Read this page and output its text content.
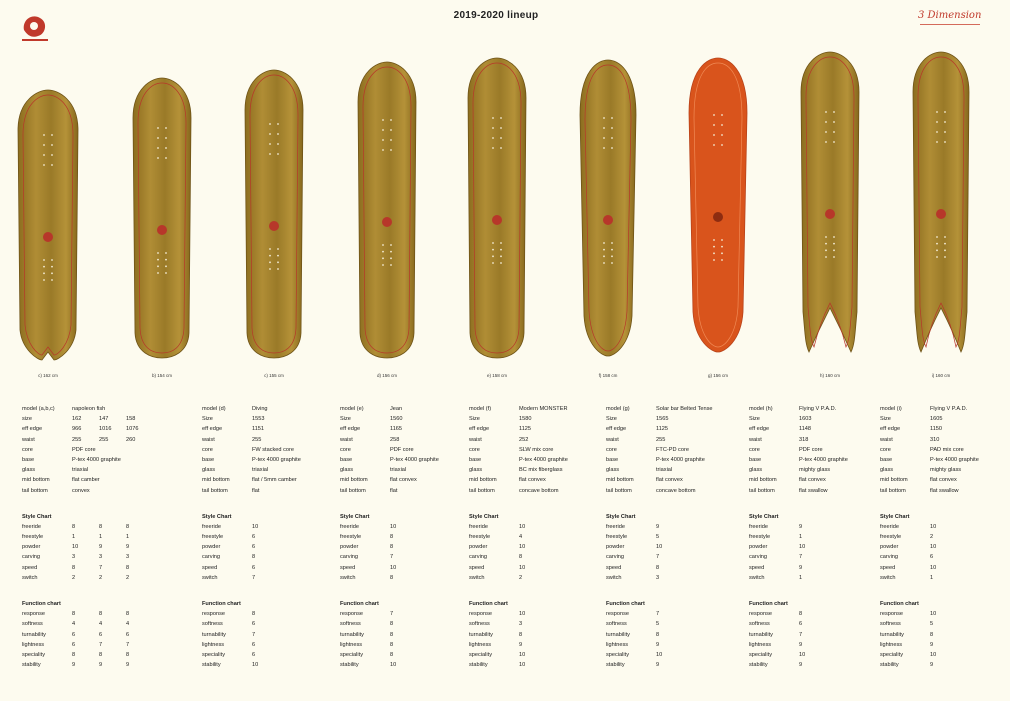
2019-2020 lineup	3 Dimension
c) 162 cm	b) 154 cm	c) 155 cm	d) 156 cm	e) 158 cm	f) 158 cm	g) 156 cm	h) 160 cm	i) 160 cm
model (a,b,c)	napoleon fish
size	162	147	158
eff edge	966	1016	1076
waist	255	255	260
core	PDF core
base	P-tex 4000 graphite
glass	triaxial
mid bottom	flat camber
tail bottom	convex
Style Chart
freeride	8	8	8
freestyle	1	1	1
powder	10	9	9
carving	3	3	3
speed	8	7	8
switch	2	2	2
Function chart
response	8	8	8
softness	4	4	4
turnability	6	6	6
lightness	6	7	7
speciality	8	8	8
stability	9	9	9
model (d)	Diving
Size	1553
eff edge	1151
waist	255
core	FW stacked core
base	P-tex 4000 graphite
glass	triaxial
mid bottom	flat / 5mm camber
tail bottom	flat
Style Chart
freeride	10
freestyle	6
powder	6
carving	8
speed	6
switch	7
Function chart
response	8
softness	6
turnability	7
lightness	6
speciality	6
stability	10
model (e)	Jean
Size	1560
eff edge	1165
waist	258
core	PDF core
base	P-tex 4000 graphite
glass	triaxial
mid bottom	flat convex
tail bottom	flat
Style Chart
freeride	10
freestyle	8
powder	8
carving	7
speed	10
switch	8
Function chart
response	7
softness	8
turnability	8
lightness	8
speciality	8
stability	10
model (f)	Modern MONSTER
Size	1580
eff edge	1125
waist	252
core	SLW mix core
base	P-tex 4000 graphite
glass	BC mix fiberglass
mid bottom	flat convex
tail bottom	concave bottom
Style Chart
freeride	10
freestyle	4
powder	10
carving	8
speed	10
switch	2
Function chart
response	10
softness	3
turnability	8
lightness	9
speciality	10
stability	10
model (g)	Solar bar Belted Tense
Size	1565
eff edge	1125
waist	255
core	FTC-PD core
base	P-tex 4000 graphite
glass	triaxial
mid bottom	flat convex
tail bottom	concave bottom
Style Chart
freeride	9
freestyle	5
powder	10
carving	7
speed	8
switch	3
Function chart
response	7
softness	5
turnability	8
lightness	9
speciality	10
stability	9
model (h)	Flying V P.A.D.
Size	1603
eff edge	1148
waist	318
core	PDF core
base	P-tex 4000 graphite
glass	mighty glass
mid bottom	flat convex
tail bottom	flat swallow
Style Chart
freeride	9
freestyle	1
powder	10
carving	7
speed	9
switch	1
Function chart
response	8
softness	6
turnability	7
lightness	9
speciality	10
stability	9
model (i)	Flying V P.A.D.
Size	1605
eff edge	1150
waist	310
core	PAD mix core
base	P-tex 4000 graphite
glass	mighty glass
mid bottom	flat convex
tail bottom	flat swallow
Style Chart
freeride	10
freestyle	2
powder	10
carving	6
speed	10
switch	1
Function chart
response	10
softness	5
turnability	8
lightness	9
speciality	10
stability	9
